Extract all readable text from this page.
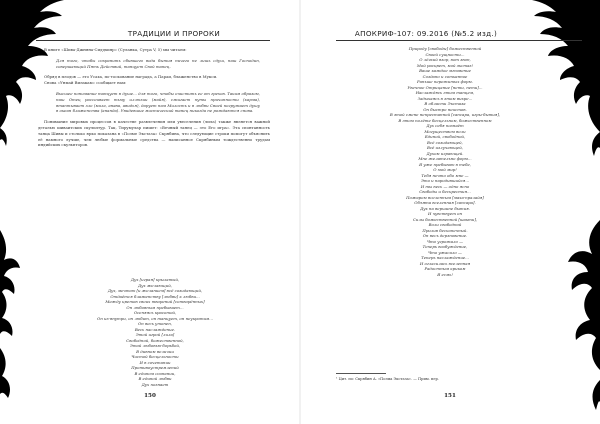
ТРАДИЦИИ И ПРОРОКИ

В книге «Шива-Джняна-Сиддхияр» (Суланка, Сутра V, 5) мы читаем:

Для того, чтобы сохранить сбившего вода бытия ничего не лишь сдуш, наш Господин, совершающий Пять Действий, танцует Свой танец.

Обряд в плодов — это Усаха, по-тоскование награда, а Параи, блаженство в Мукси.

Снова «Унмай Вилакам» сообщает нам:

Высшее понимание танцует в душе... для того, чтобы очистить ее от грехов. Таким образом, наш Отец рассеивает тьму иллюзии (майя), сжигает путы причинности (карма), втаптывает зло (мала, анава, авидья), дарует нам Милость и в любви Своей погружает душу в океан блаженства (ананда). Увидевшие мистический танец никогда не рождаются снова.

Понимание мировых процессов в качестве развлечения или увеселения (лила) также является важной деталью шиваитских скульптур. Так, Тирумулар пишет: «Вечный танец — это Его игра». Эта спонтанность танца Шивы и столько ярко показана в «Поэме Экстаза» Скрябина, что следующие строки помогут объяснить её намного лучше, чем любые формальные средства — написанное Скрябиным тождественно трудам индийских скульпторов.

Дух [играя] крылатый,
Дух желающий,
Дух, мечтою [и желанием] всё созидающий,
Отдаётся блаженству [любви] к любви...
Между цветов своих творений [сотворённых]
Он любовным пребывает...
Осеняясь красотой,
Он из-внутри, он любит, он танцует, он неукротим...
Он весь утонен,
Весь наслаждение.
Этой игрой [лила]
Свободной, божественной,
Этой любовью-борьбой,
В дивном величии
Чистой бесцельности
И в сочетании
Противоустремлений
В едином сознании,
В единой любви
Дух познает
150
АПОКРИФ-107: 09.2016 (№5.2 изд.)
Природу [свободы] божественной
Своей сущности...
О лёгкий взор, вот звон,
Мой расцвет, мой экстаз!
Ваше каждое мгновение
Создано и сотканное
Раньше пережитых форм.
Увечное Отрицание [нети, нети]...
Наслаждясь этим танцем,
Задыхаясь в этом вихре...
В области Экстаза
Он быстро неистов.
В этой смене непрестанной [сансара, игры-бытия],
В этом полёте бесцельном, божественном
Дух себя познаёт
Могуществом воли
Единой, свободной,
Всё созидающей,
Всё излучающей,
Духом играющей.
Мне желательно форм...
Я уже пребываю в тебе,
О мой мир!
Тебя нечто обо мне —
Это и народившийся...
И ты весь — одно ясно
Свободы и бескрестия...
Пожаром вселенным [маха-пралайя]
Объята вселенная [сансара].
Дух на вершине бытия.
И чувствует он
Силы божественной [шакти],
Воли свободной
Прилив бесконечный.
Он весь дерзновение.
Что угрожало —
Теперь возбуждение,
Что ужасало —
Теперь наслаждение...
И огласилась вселенная
Радостным криком
Я есмь!
¹ Цит. по: Скрябин А. «Поэма Экстаза». — Прим. пер.
151
